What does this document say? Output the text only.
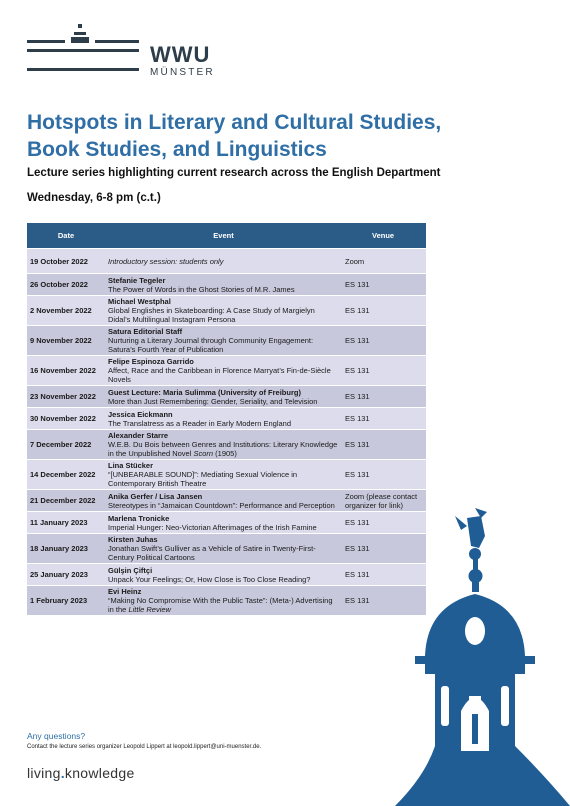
WWU
MÜNSTER
Hotspots in Literary and Cultural Studies, Book Studies, and Linguistics
Lecture series highlighting current research across the English Department
Wednesday, 6-8 pm (c.t.)
Date	Event	Venue
19 October 2022	Introductory session: students only	Zoom
26 October 2022	Stefanie Tegeler
The Power of Words in the Ghost Stories of M.R. James	ES 131
2 November 2022	Michael Westphal
Global Englishes in Skateboarding: A Case Study of Margielyn Didal’s Multilingual Instagram Persona	ES 131
9 November 2022	Satura Editorial Staff
Nurturing a Literary Journal through Community Engagement: Satura’s Fourth Year of Publication	ES 131
16 November 2022	Felipe Espinoza Garrido
Affect, Race and the Caribbean in Florence Marryat’s Fin-de-Siècle Novels	ES 131
23 November 2022	Guest Lecture: Maria Sulimma (University of Freiburg)
More than Just Remembering: Gender, Seriality, and Television	ES 131
30 November 2022	Jessica Eickmann
The Translatress as a Reader in Early Modern England	ES 131
7 December 2022	Alexander Starre
W.E.B. Du Bois between Genres and Institutions: Literary Knowledge in the Unpublished Novel Scorn (1905)	ES 131
14 December 2022	Lina Stücker
“[UNBEARABLE SOUND]”: Mediating Sexual Violence in Contemporary British Theatre	ES 131
21 December 2022	Anika Gerfer / Lisa Jansen
Stereotypes in “Jamaican Countdown”: Performance and Perception	Zoom (please contact organizer for link)
11 January 2023	Marlena Tronicke
Imperial Hunger: Neo-Victorian Afterimages of the Irish Famine	ES 131
18 January 2023	Kirsten Juhas
Jonathan Swift’s Gulliver as a Vehicle of Satire in Twenty-First-Century Political Cartoons	ES 131
25 January 2023	Gülşin Çiftçi
Unpack Your Feelings; Or, How Close is Too Close Reading?	ES 131
1 February 2023	Evi Heinz
“Making No Compromise With the Public Taste”: (Meta-) Advertising in the Little Review	ES 131
Any questions?
Contact the lecture series organizer Leopold Lippert at leopold.lippert@uni-muenster.de.
living.knowledge
